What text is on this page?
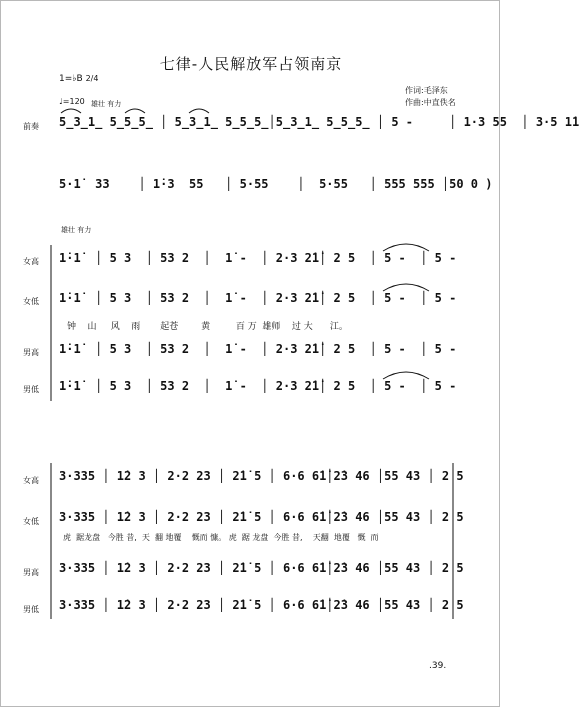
七律-人民解放军占领南京
作词:毛泽东
作曲:中直佚名
1=♭B 2/4
♩=120 雄壮 有力
前奏 5̲3̲1̲ 5̲5̲5̲ │ 5̲3̲1̲ 5̲5̲5̲│5̲3̲1̲ 5̲5̲5̲ │ 5 -     │ 1·3 55  │ 3·5 1̇1̇
5·1̇  33    │ 1̇·3  55   │ 5·55    │  5·55   │ 555 555 │50 0 )
雄壮 有力
女高 1̇·1̇  │ 5 3  │ 53 2  │  1̇ -  │ 2·3 2̇1̇│ 2 5  │ 5 -  │ 5 -
女低 1̇·1̇  │ 5 3  │ 53 2  │  1̇ -  │ 2·3 2̇1̇│ 2 5  │ 5 -  │ 5 -
钟    山     风    雨       起苍        黄         百 万  雄师    过 大      江。
男高 1̇·1̇  │ 5 3  │ 53 2  │  1̇ -  │ 2·3 2̇1̇│ 2 5  │ 5 -  │ 5 -
男低 1̇·1̇  │ 5 3  │ 53 2  │  1̇ -  │ 2·3 2̇1̇│ 2 5  │ 5 -  │ 5 -
女高 3·335 │ 1̇2 3 │ 2·2 23 │ 2̇1̇ 5 │ 6·6 6̇1̇│2̇3 46 │55 43 │ 2 5
女低 3·335 │ 1̇2 3 │ 2·2 23 │ 2̇1̇ 5 │ 6·6 6̇1̇│2̇3 46 │55 43 │ 2 5
虎  踞龙盘   今胜 昔,  天  翻 地覆    慨而 慷。 虎  踞 龙盘  今胜 昔,    天翻  地覆   慨  而
男高 3·335 │ 1̇2 3 │ 2·2 23 │ 2̇1̇ 5 │ 6·6 6̇1̇│2̇3 46 │55 43 │ 2 5
男低 3·335 │ 1̇2 3 │ 2·2 23 │ 2̇1̇ 5 │ 6·6 6̇1̇│2̇3 46 │55 43 │ 2 5
.39.
